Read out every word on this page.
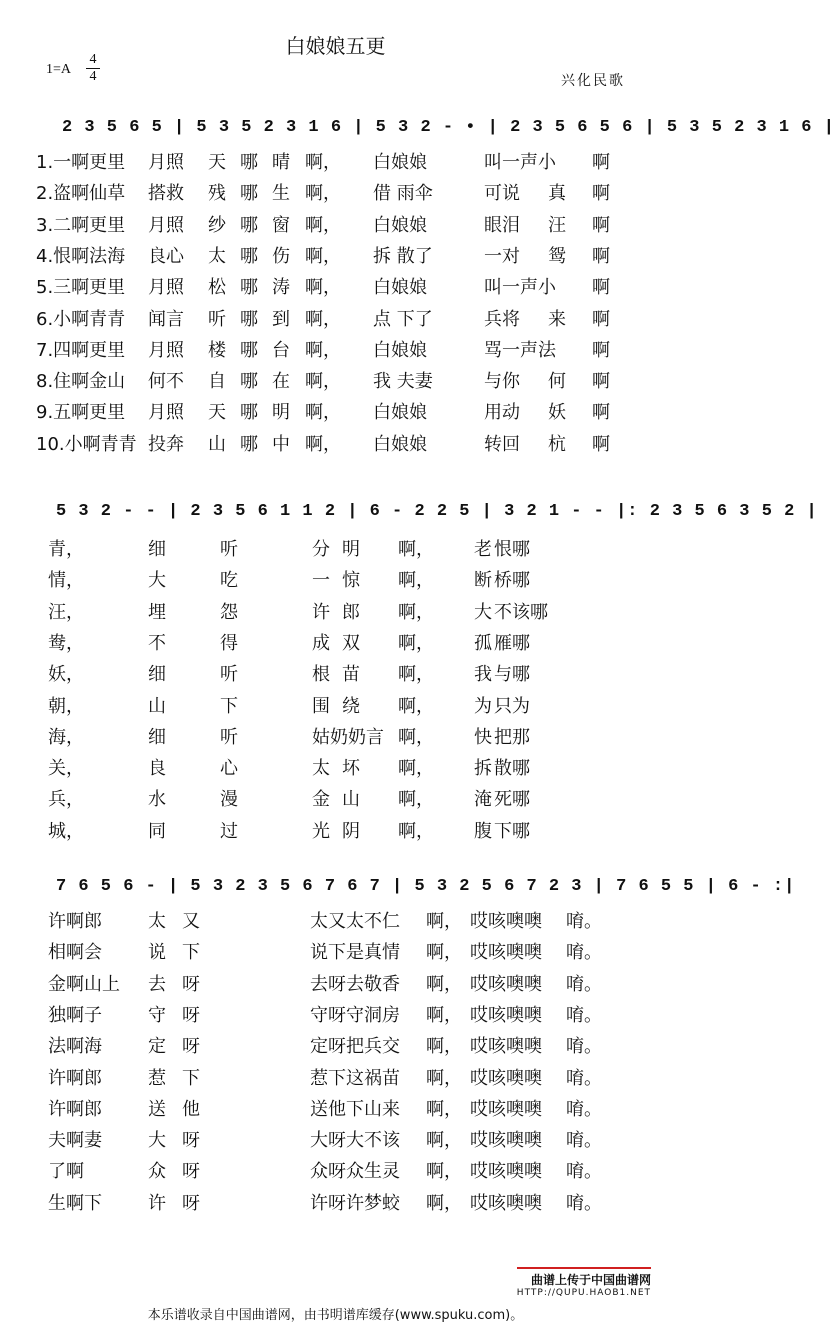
白娘娘五更
1=A
4
4	兴化民歌
2 3 5 6 5 | 5 3 5 2 3 1 6 | 5 3 2 - • | 2 3 5 6 5 6 | 5 3 5 2 3 1 6 |
1.一啊更里 月照 天 哪 晴 啊， 白娘娘	叫一声小 啊
2.盗啊仙草 搭救 残 哪 生 啊， 借 雨伞	可说 真 啊
3.二啊更里 月照 纱 哪 窗 啊， 白娘娘	眼泪 汪 啊
4.恨啊法海 良心 太 哪 伤 啊， 拆 散了	一对 鸳 啊
5.三啊更里 月照 松 哪 涛 啊， 白娘娘	叫一声小 啊
6.小啊青青 闻言 听 哪 到 啊， 点 下了	兵将 来 啊
7.四啊更里 月照 楼 哪 台 啊， 白娘娘	骂一声法 啊
8.住啊金山 何不 自 哪 在 啊， 我 夫妻	与你 何 啊
9.五啊更里 月照 天 哪 明 啊， 白娘娘	用动 妖 啊
10.小啊青青 投奔 山 哪 中 啊， 白娘娘	转回 杭 啊
5 3 2 - - | 2 3 5 6 1 1 2 | 6 - 2 2 5 | 3 2 1 - - |: 2 3 5 6 3 5 2 |
青，	细	听	分 明 啊， 老 恨哪
情，	大	吃	一 惊 啊， 断 桥哪
汪，	埋	怨	许 郎 啊， 大 不该哪
鸯，	不	得	成 双 啊， 孤 雁哪
妖，	细	听	根 苗 啊， 我 与哪
朝，	山	下	围 绕 啊， 为 只为
海，	细	听	姑奶奶言 啊， 快 把那
关，	良	心	太 坏 啊， 拆 散哪
兵，	水	漫	金 山 啊， 淹 死哪
城，	同	过	光 阴 啊， 腹 下哪
7 6 5 6 - | 5 3 2 3 5 6 7 6 7 | 5 3 2 5 6 7 2 3 | 7 6 5 5 | 6 - :|
许啊郎	太 又	太又太不仁 啊， 哎咳噢噢 唷。
相啊会	说 下	说下是真情 啊， 哎咳噢噢 唷。
金啊山上 去 呀	去呀去敬香 啊， 哎咳噢噢 唷。
独啊子	守 呀	守呀守洞房 啊， 哎咳噢噢 唷。
法啊海	定 呀	定呀把兵交 啊， 哎咳噢噢 唷。
许啊郎	惹 下	惹下这祸苗 啊， 哎咳噢噢 唷。
许啊郎	送 他	送他下山来 啊， 哎咳噢噢 唷。
夫啊妻	大 呀	大呀大不该 啊， 哎咳噢噢 唷。
了啊	众 呀	众呀众生灵 啊， 哎咳噢噢 唷。
生啊下	许 呀	许呀许梦蛟 啊， 哎咳噢噢 唷。
曲谱上传于中国曲谱网
HTTP://QUPU.HAOB1.NET
本乐谱收录自中国曲谱网，由书明谱库缓存(www.spuku.com)。
